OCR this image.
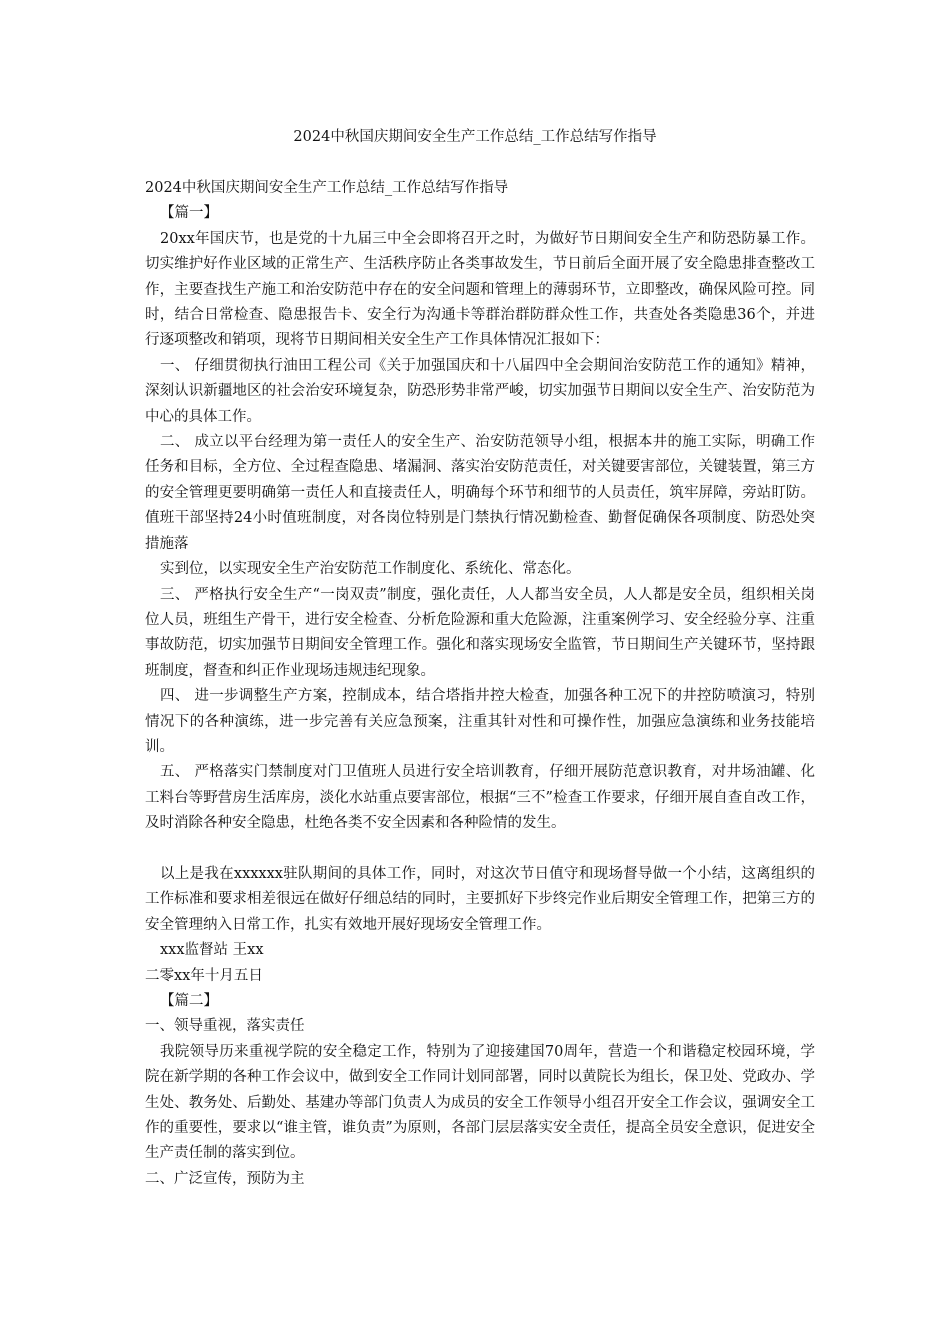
2024中秋国庆期间安全生产工作总结_工作总结写作指导

2024中秋国庆期间安全生产工作总结_工作总结写作指导

【篇一】

20xx年国庆节，也是党的十九届三中全会即将召开之时，为做好节日期间安全生产和防恐防暴工作。切实维护好作业区域的正常生产、生活秩序防止各类事故发生，节日前后全面开展了安全隐患排查整改工作，主要查找生产施工和治安防范中存在的安全问题和管理上的薄弱环节，立即整改，确保风险可控。同时，结合日常检查、隐患报告卡、安全行为沟通卡等群治群防群众性工作，共查处各类隐患36个，并进行逐项整改和销项，现将节日期间相关安全生产工作具体情况汇报如下：

一、 仔细贯彻执行油田工程公司《关于加强国庆和十八届四中全会期间治安防范工作的通知》精神，深刻认识新疆地区的社会治安环境复杂，防恐形势非常严峻，切实加强节日期间以安全生产、治安防范为中心的具体工作。

二、 成立以平台经理为第一责任人的安全生产、治安防范领导小组，根据本井的施工实际，明确工作任务和目标，全方位、全过程查隐患、堵漏洞、落实治安防范责任，对关键要害部位，关键装置，第三方的安全管理更要明确第一责任人和直接责任人，明确每个环节和细节的人员责任，筑牢屏障，旁站盯防。值班干部坚持24小时值班制度，对各岗位特别是门禁执行情况勤检查、勤督促确保各项制度、防恐处突措施落

实到位，以实现安全生产治安防范工作制度化、系统化、常态化。

三、 严格执行安全生产“一岗双责”制度，强化责任，人人都当安全员，人人都是安全员，组织相关岗位人员，班组生产骨干，进行安全检查、分析危险源和重大危险源，注重案例学习、安全经验分享、注重事故防范，切实加强节日期间安全管理工作。强化和落实现场安全监管，节日期间生产关键环节，坚持跟班制度，督查和纠正作业现场违规违纪现象。

四、 进一步调整生产方案，控制成本，结合塔指井控大检查，加强各种工况下的井控防喷演习，特别情况下的各种演练，进一步完善有关应急预案，注重其针对性和可操作性，加强应急演练和业务技能培训。

五、 严格落实门禁制度对门卫值班人员进行安全培训教育，仔细开展防范意识教育，对井场油罐、化工料台等野营房生活库房，淡化水站重点要害部位，根据“三不”检查工作要求，仔细开展自查自改工作，及时消除各种安全隐患，杜绝各类不安全因素和各种险情的发生。

以上是我在xxxxxx驻队期间的具体工作，同时，对这次节日值守和现场督导做一个小结，这离组织的工作标准和要求相差很远在做好仔细总结的同时，主要抓好下步终完作业后期安全管理工作，把第三方的安全管理纳入日常工作，扎实有效地开展好现场安全管理工作。

xxx监督站 王xx

二零xx年十月五日

【篇二】

一、领导重视，落实责任

我院领导历来重视学院的安全稳定工作，特别为了迎接建国70周年，营造一个和谐稳定校园环境，学院在新学期的各种工作会议中，做到安全工作同计划同部署，同时以黄院长为组长，保卫处、党政办、学生处、教务处、后勤处、基建办等部门负责人为成员的安全工作领导小组召开安全工作会议，强调安全工作的重要性，要求以“谁主管，谁负责”为原则，各部门层层落实安全责任，提高全员安全意识，促进安全生产责任制的落实到位。

二、广泛宣传，预防为主
